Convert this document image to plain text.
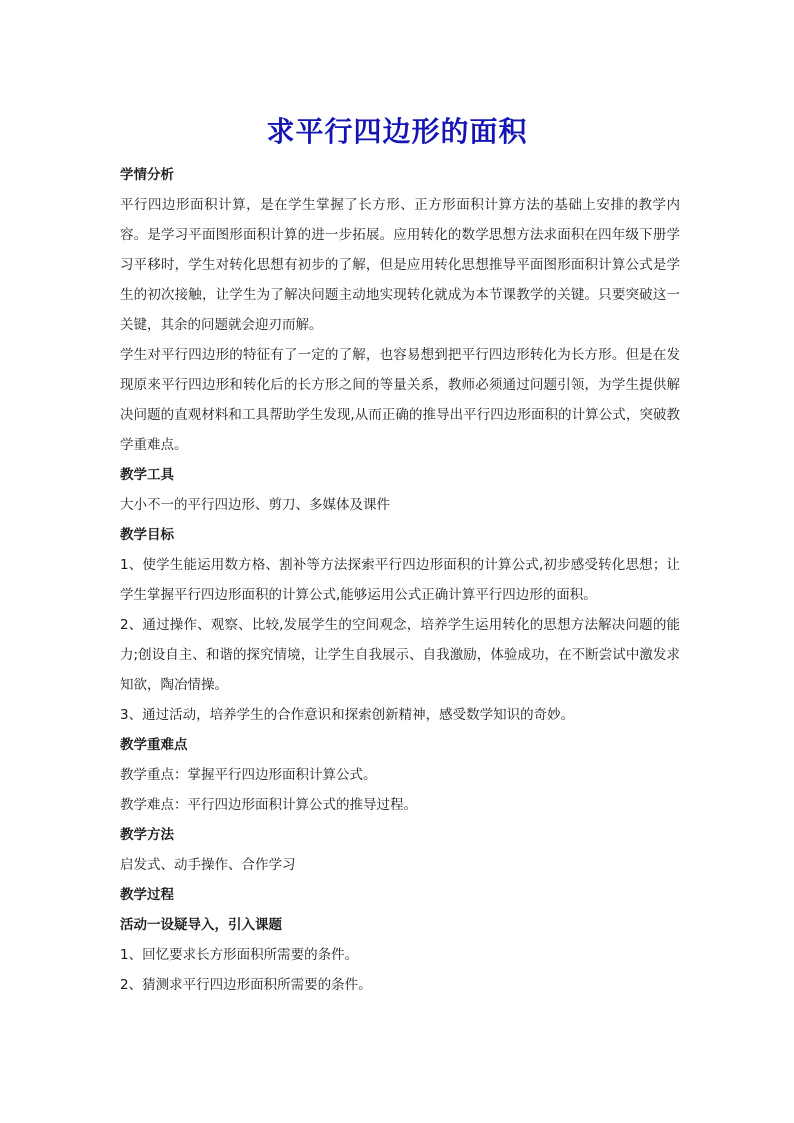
求平行四边形的面积
学情分析

平行四边形面积计算，是在学生掌握了长方形、正方形面积计算方法的基础上安排的教学内容。是学习平面图形面积计算的进一步拓展。应用转化的数学思想方法求面积在四年级下册学习平移时，学生对转化思想有初步的了解，但是应用转化思想推导平面图形面积计算公式是学生的初次接触，让学生为了解决问题主动地实现转化就成为本节课教学的关键。只要突破这一关键，其余的问题就会迎刃而解。

学生对平行四边形的特征有了一定的了解，也容易想到把平行四边形转化为长方形。但是在发现原来平行四边形和转化后的长方形之间的等量关系，教师必须通过问题引领，为学生提供解决问题的直观材料和工具帮助学生发现,从而正确的推导出平行四边形面积的计算公式，突破教学重难点。

教学工具
大小不一的平行四边形、剪刀、多媒体及课件
教学目标

1、使学生能运用数方格、割补等方法探索平行四边形面积的计算公式,初步感受转化思想；让学生掌握平行四边形面积的计算公式,能够运用公式正确计算平行四边形的面积。

2、通过操作、观察、比较,发展学生的空间观念，培养学生运用转化的思想方法解决问题的能力;创设自主、和谐的探究情境，让学生自我展示、自我激励，体验成功，在不断尝试中激发求知欲，陶冶情操。

3、通过活动，培养学生的合作意识和探索创新精神，感受数学知识的奇妙。

教学重难点
教学重点：掌握平行四边形面积计算公式。
教学难点：平行四边形面积计算公式的推导过程。
教学方法
启发式、动手操作、合作学习
教学过程
活动一设疑导入，引入课题
1、回忆要求长方形面积所需要的条件。
2、猜测求平行四边形面积所需要的条件。
